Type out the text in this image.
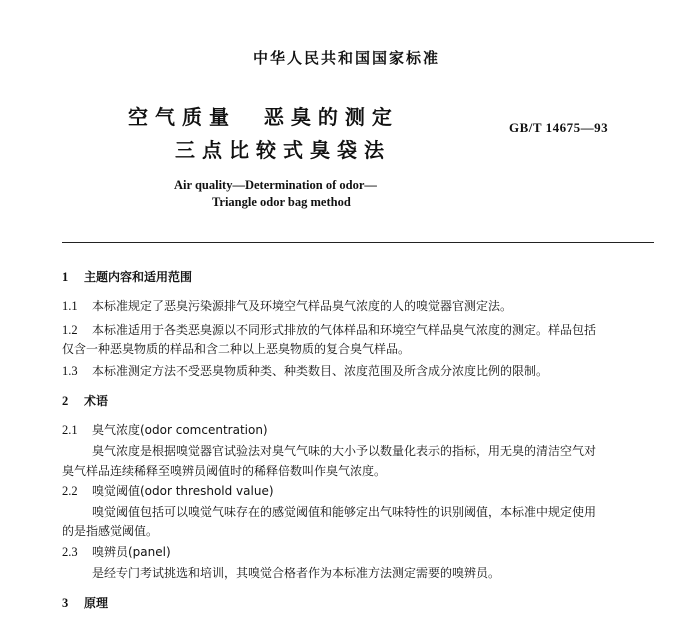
中华人民共和国国家标准
空气质量  恶臭的测定
三点比较式臭袋法
GB/T 14675—93
Air quality—Determination of odor—
Triangle odor bag method
1 主题内容和适用范围
1.1 本标准规定了恶臭污染源排气及环境空气样品臭气浓度的人的嗅觉器官测定法。
1.2 本标准适用于各类恶臭源以不同形式排放的气体样品和环境空气样品臭气浓度的测定。样品包括
仅含一种恶臭物质的样品和含二种以上恶臭物质的复合臭气样品。
1.3 本标准测定方法不受恶臭物质种类、种类数目、浓度范围及所含成分浓度比例的限制。
2 术语
2.1 臭气浓度(odor comcentration)
臭气浓度是根据嗅觉器官试验法对臭气气味的大小予以数量化表示的指标，用无臭的清洁空气对
臭气样品连续稀释至嗅辨员阈值时的稀释倍数叫作臭气浓度。
2.2 嗅觉阈值(odor threshold value)
嗅觉阈值包括可以嗅觉气味存在的感觉阈值和能够定出气味特性的识别阈值，本标准中规定使用
的是指感觉阈值。
2.3 嗅辨员(panel)
是经专门考试挑选和培训，其嗅觉合格者作为本标准方法测定需要的嗅辨员。
3 原理
